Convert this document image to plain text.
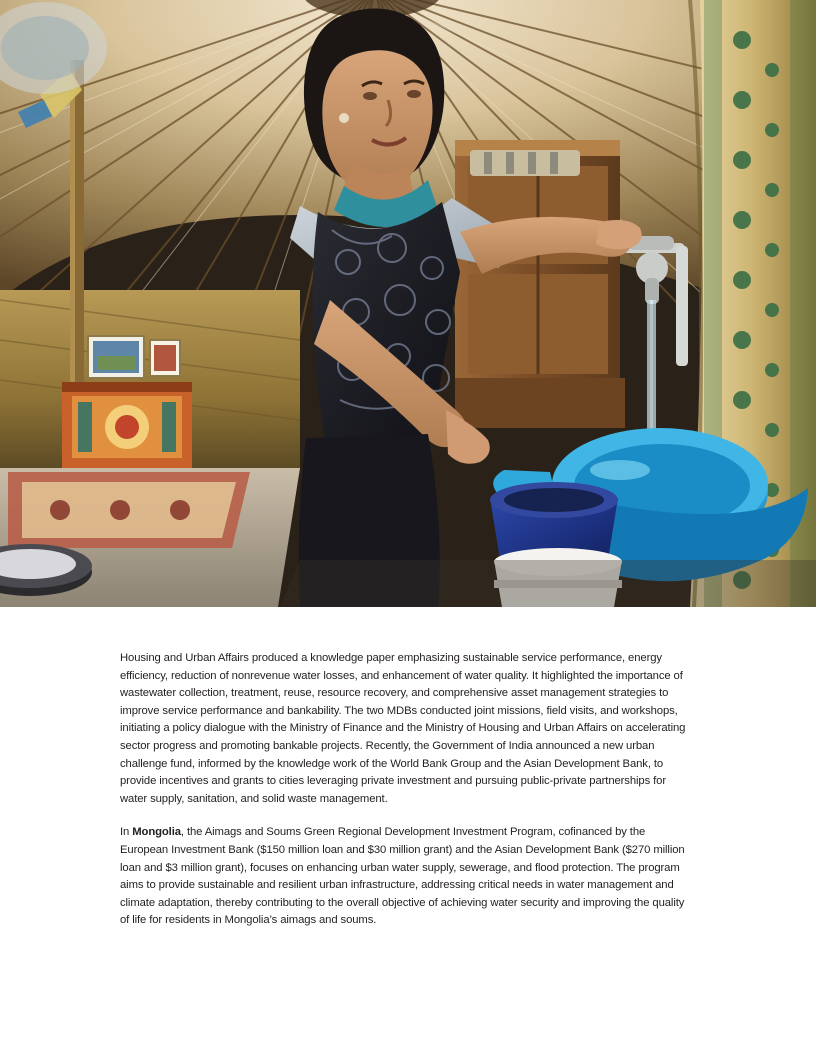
Housing and Urban Affairs produced a knowledge paper emphasizing sustainable service performance, energy efficiency, reduction of nonrevenue water losses, and enhancement of water quality. It highlighted the importance of wastewater collection, treatment, reuse, resource recovery, and comprehensive asset management strategies to improve service performance and bankability. The two MDBs conducted joint missions, field visits, and workshops, initiating a policy dialogue with the Ministry of Finance and the Ministry of Housing and Urban Affairs on accelerating sector progress and promoting bankable projects. Recently, the Government of India announced a new urban challenge fund, informed by the knowledge work of the World Bank Group and the Asian Development Bank, to provide incentives and grants to cities leveraging private investment and pursuing public-private partnerships for water supply, sanitation, and solid waste management.

In Mongolia, the Aimags and Soums Green Regional Development Investment Program, cofinanced by the European Investment Bank ($150 million loan and $30 million grant) and the Asian Development Bank ($270 million loan and $3 million grant), focuses on enhancing urban water supply, sewerage, and flood protection. The program aims to provide sustainable and resilient urban infrastructure, addressing critical needs in water management and climate adaptation, thereby contributing to the overall objective of achieving water security and improving the quality of life for residents in Mongolia’s aimags and soums.
